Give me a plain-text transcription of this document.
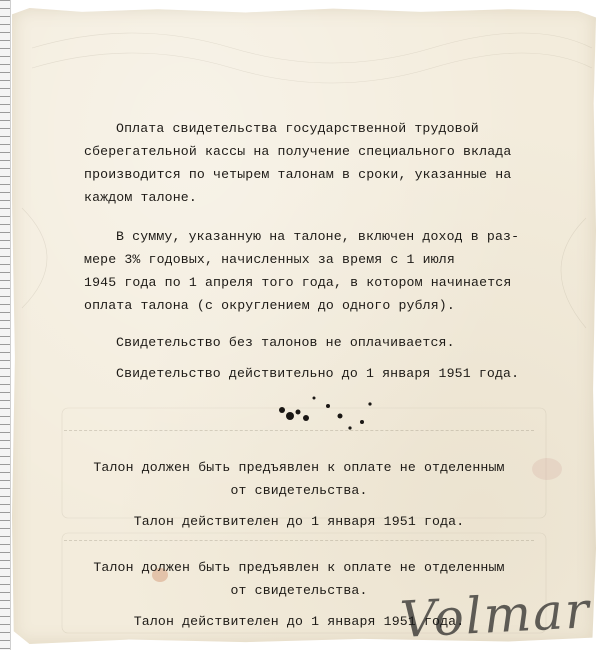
Оплата свидетельства государственной трудовой
сберегательной кассы на получение специального вклада
производится по четырем талонам в сроки, указанные на
каждом талоне.
В сумму, указанную на талоне, включен доход в раз-
мере 3% годовых, начисленных за время с 1 июля
1945 года по 1 апреля того года, в котором начинается
оплата талона (с округлением до одного рубля).
Свидетельство без талонов не оплачивается.
Свидетельство действительно до 1 января 1951 года.
Талон должен быть предъявлен к оплате не отделенным
от свидетельства.
Талон действителен до 1 января 1951 года.
Талон должен быть предъявлен к оплате не отделенным
от свидетельства.
Талон действителен до 1 января 1951 года.
Volmar
